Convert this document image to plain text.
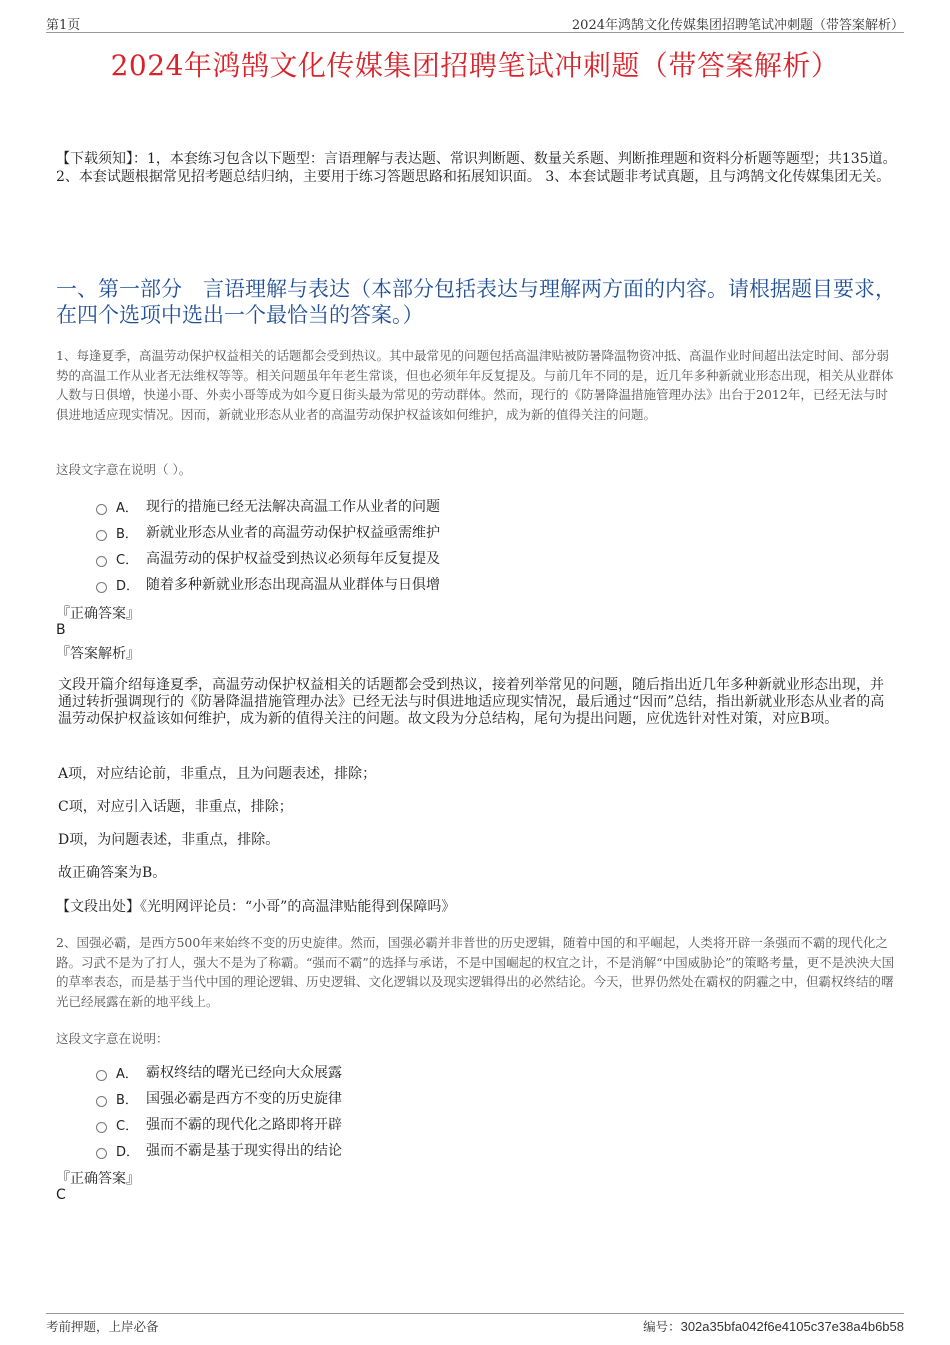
第1页	2024年鸿鹄文化传媒集团招聘笔试冲刺题（带答案解析）
2024年鸿鹄文化传媒集团招聘笔试冲刺题（带答案解析）
【下载须知】：1，本套练习包含以下题型：言语理解与表达题、常识判断题、数量关系题、判断推理题和资料分析题等题型；共135道。 2、本套试题根据常见招考题总结归纳，主要用于练习答题思路和拓展知识面。 3、本套试题非考试真题，且与鸿鹄文化传媒集团无关。
一、第一部分　言语理解与表达（本部分包括表达与理解两方面的内容。请根据题目要求，在四个选项中选出一个最恰当的答案。）
1、每逢夏季，高温劳动保护权益相关的话题都会受到热议。其中最常见的问题包括高温津贴被防暑降温物资冲抵、高温作业时间超出法定时间、部分弱势的高温工作从业者无法维权等等。相关问题虽年年老生常谈，但也必须年年反复提及。与前几年不同的是，近几年多种新就业形态出现，相关从业群体人数与日俱增，快递小哥、外卖小哥等成为如今夏日街头最为常见的劳动群体。然而，现行的《防暑降温措施管理办法》出台于2012年，已经无法与时俱进地适应现实情况。因而，新就业形态从业者的高温劳动保护权益该如何维护，成为新的值得关注的问题。
这段文字意在说明（ ）。
A． 现行的措施已经无法解决高温工作从业者的问题
B． 新就业形态从业者的高温劳动保护权益亟需维护
C． 高温劳动的保护权益受到热议必须每年反复提及
D． 随着多种新就业形态出现高温从业群体与日俱增
『正确答案』
B
『答案解析』
文段开篇介绍每逢夏季，高温劳动保护权益相关的话题都会受到热议，接着列举常见的问题，随后指出近几年多种新就业形态出现，并通过转折强调现行的《防暑降温措施管理办法》已经无法与时俱进地适应现实情况，最后通过“因而”总结，指出新就业形态从业者的高温劳动保护权益该如何维护，成为新的值得关注的问题。故文段为分总结构，尾句为提出问题，应优选针对性对策，对应B项。
A项，对应结论前，非重点，且为问题表述，排除；
C项，对应引入话题，非重点，排除；
D项，为问题表述，非重点，排除。
故正确答案为B。
【文段出处】《光明网评论员：“小哥”的高温津贴能得到保障吗》
2、国强必霸，是西方500年来始终不变的历史旋律。然而，国强必霸并非普世的历史逻辑，随着中国的和平崛起，人类将开辟一条强而不霸的现代化之路。习武不是为了打人，强大不是为了称霸。“强而不霸”的选择与承诺，不是中国崛起的权宜之计，不是消解“中国威胁论”的策略考量，更不是泱泱大国的草率表态，而是基于当代中国的理论逻辑、历史逻辑、文化逻辑以及现实逻辑得出的必然结论。今天，世界仍然处在霸权的阴霾之中，但霸权终结的曙光已经展露在新的地平线上。
这段文字意在说明：
A． 霸权终结的曙光已经向大众展露
B． 国强必霸是西方不变的历史旋律
C． 强而不霸的现代化之路即将开辟
D． 强而不霸是基于现实得出的结论
『正确答案』
C
考前押题，上岸必备	编号：302a35bfa042f6e4105c37e38a4b6b58
